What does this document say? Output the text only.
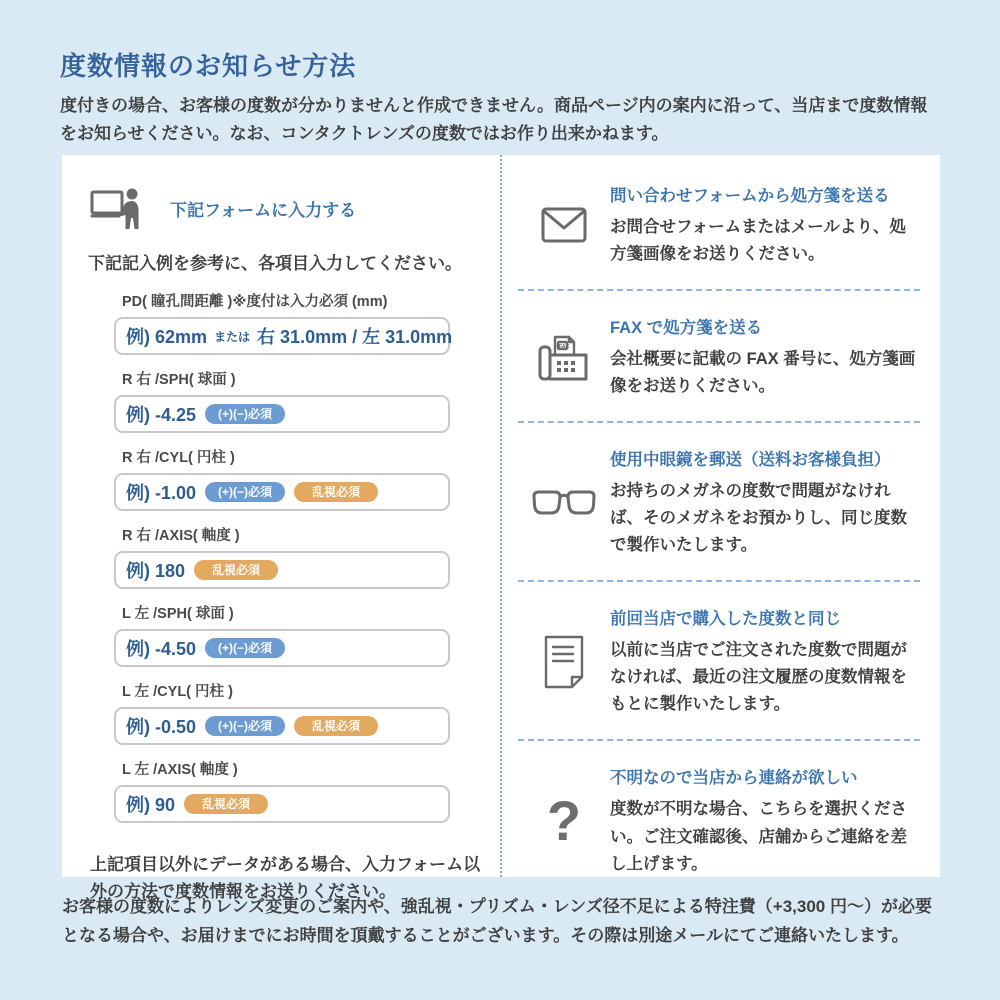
度数情報のお知らせ方法

度付きの場合、お客様の度数が分かりませんと作成できません。商品ページ内の案内に沿って、当店まで度数情報をお知らせください。なお、コンタクトレンズの度数ではお作り出来かねます。

下記フォームに入力する

下記記入例を参考に、各項目入力してください。

PD( 瞳孔間距離 )※度付は入力必須 (mm)
例) 62mm または 右 31.0mm / 左 31.0mm
R 右 /SPH( 球面 )
例) -4.25	(+)(−)必須
R 右 /CYL( 円柱 )
例) -1.00	(+)(−)必須	乱視必須
R 右 /AXIS( 軸度 )
例) 180	乱視必須
L 左 /SPH( 球面 )
例) -4.50	(+)(−)必須
L 左 /CYL( 円柱 )
例) -0.50	(+)(−)必須	乱視必須
L 左 /AXIS( 軸度 )
例) 90	乱視必須

上記項目以外にデータがある場合、入力フォーム以外の方法で度数情報をお送りください。

問い合わせフォームから処方箋を送る
お問合せフォームまたはメールより、処方箋画像をお送りください。
FAX
FAX で処方箋を送る
会社概要に記載の FAX 番号に、処方箋画像をお送りください。
使用中眼鏡を郵送（送料お客様負担）
お持ちのメガネの度数で問題がなければ、そのメガネをお預かりし、同じ度数で製作いたします。
前回当店で購入した度数と同じ
以前に当店でご注文された度数で問題がなければ、最近の注文履歴の度数情報をもとに製作いたします。
?
不明なので当店から連絡が欲しい
度数が不明な場合、こちらを選択ください。ご注文確認後、店舗からご連絡を差し上げます。

お客様の度数によりレンズ変更のご案内や、強乱視・プリズム・レンズ径不足による特注費（+3,300 円～）が必要となる場合や、お届けまでにお時間を頂戴することがございます。その際は別途メールにてご連絡いたします。
